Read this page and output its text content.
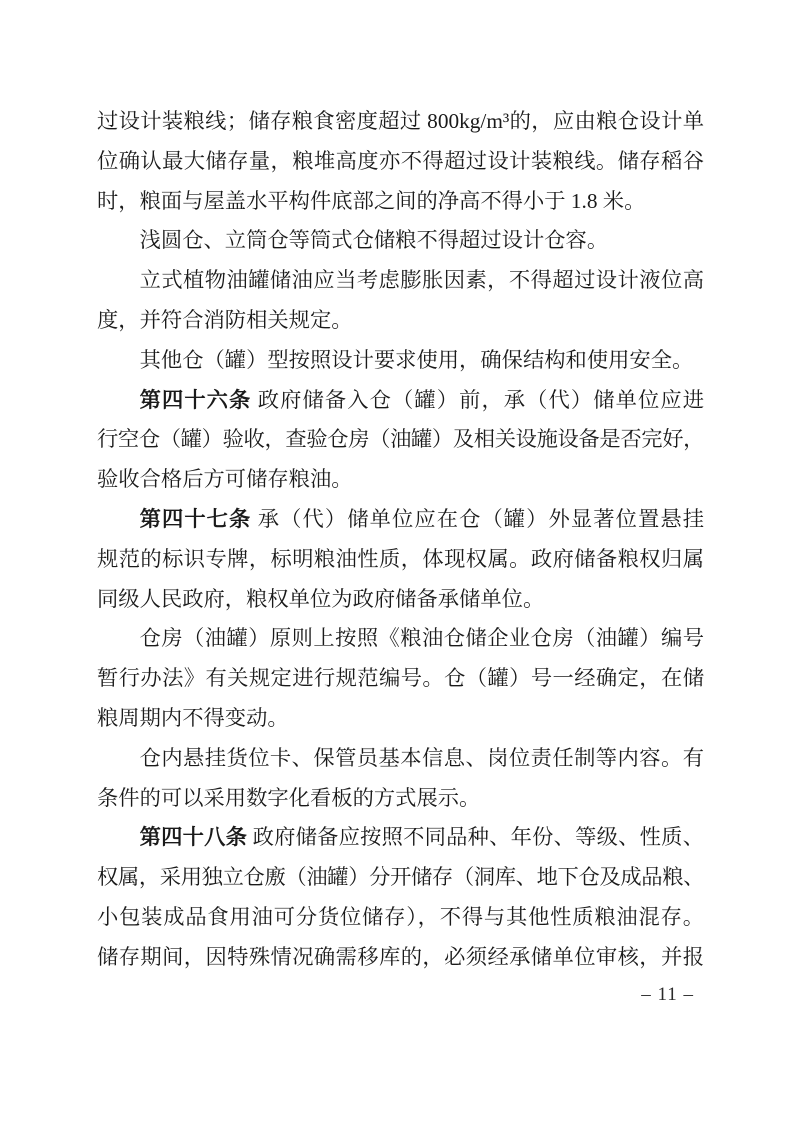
过设计装粮线；储存粮食密度超过 800kg/m³的，应由粮仓设计单
位确认最大储存量，粮堆高度亦不得超过设计装粮线。储存稻谷
时，粮面与屋盖水平构件底部之间的净高不得小于 1.8 米。
浅圆仓、立筒仓等筒式仓储粮不得超过设计仓容。
立式植物油罐储油应当考虑膨胀因素，不得超过设计液位高
度，并符合消防相关规定。
其他仓（罐）型按照设计要求使用，确保结构和使用安全。
第四十六条 政府储备入仓（罐）前，承（代）储单位应进
行空仓（罐）验收，查验仓房（油罐）及相关设施设备是否完好，
验收合格后方可储存粮油。
第四十七条 承（代）储单位应在仓（罐）外显著位置悬挂
规范的标识专牌，标明粮油性质，体现权属。政府储备粮权归属
同级人民政府，粮权单位为政府储备承储单位。
仓房（油罐）原则上按照《粮油仓储企业仓房（油罐）编号
暂行办法》有关规定进行规范编号。仓（罐）号一经确定，在储
粮周期内不得变动。
仓内悬挂货位卡、保管员基本信息、岗位责任制等内容。有
条件的可以采用数字化看板的方式展示。
第四十八条 政府储备应按照不同品种、年份、等级、性质、
权属，采用独立仓廒（油罐）分开储存（洞库、地下仓及成品粮、
小包装成品食用油可分货位储存），不得与其他性质粮油混存。
储存期间，因特殊情况确需移库的，必须经承储单位审核，并报
– 11 –
